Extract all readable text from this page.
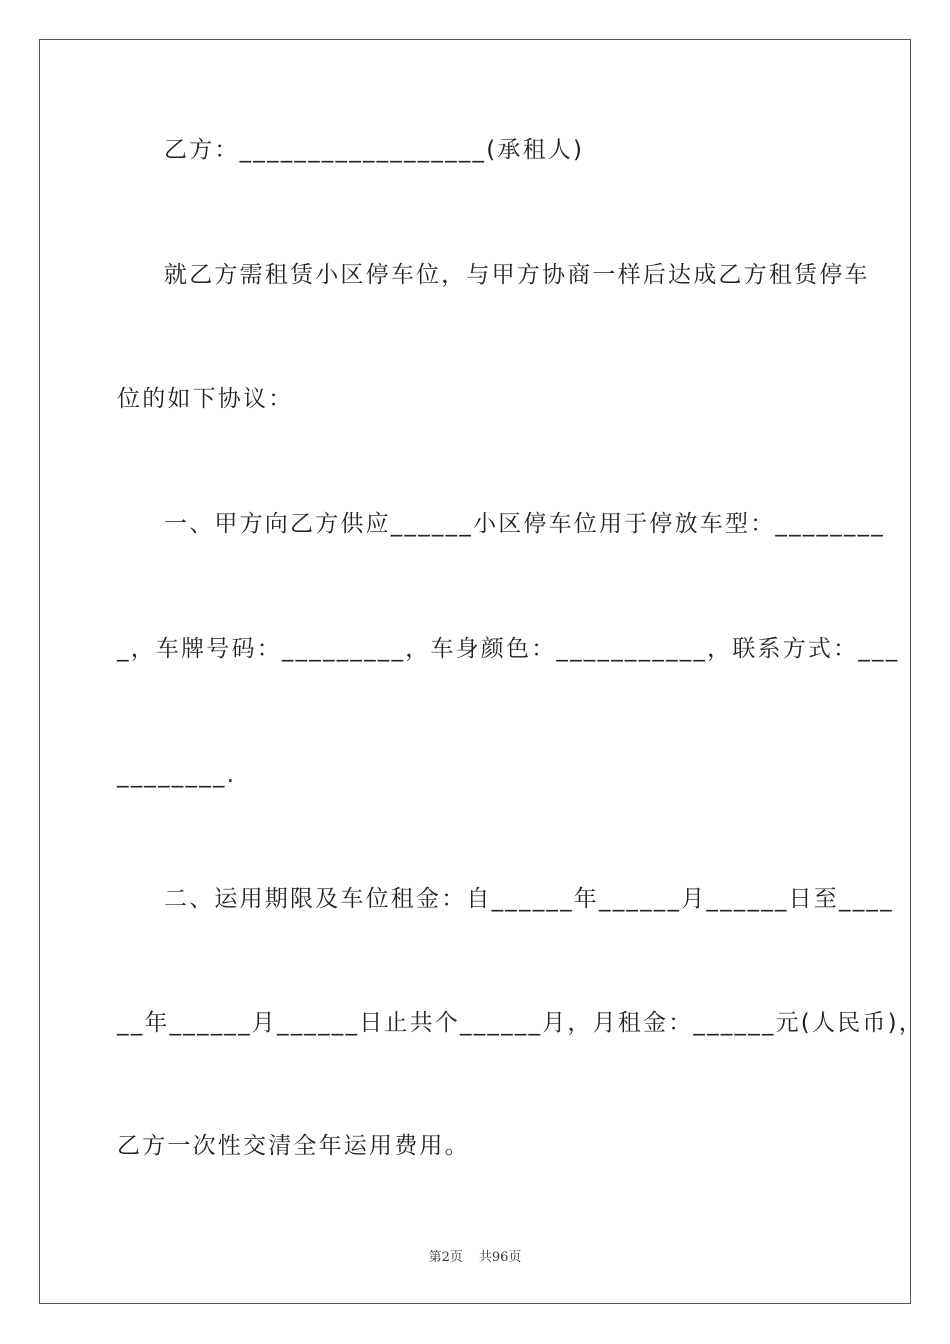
乙方：__________________(承租人)
就乙方需租赁小区停车位，与甲方协商一样后达成乙方租赁停车
位的如下协议：
一、甲方向乙方供应______小区停车位用于停放车型：________
_，车牌号码：_________，车身颜色：___________，联系方式：___
________.
二、运用期限及车位租金：自______年______月______日至____
__年______月______日止共个______月，月租金：______元(人民币)，
乙方一次性交清全年运用费用。
第2页 共96页
